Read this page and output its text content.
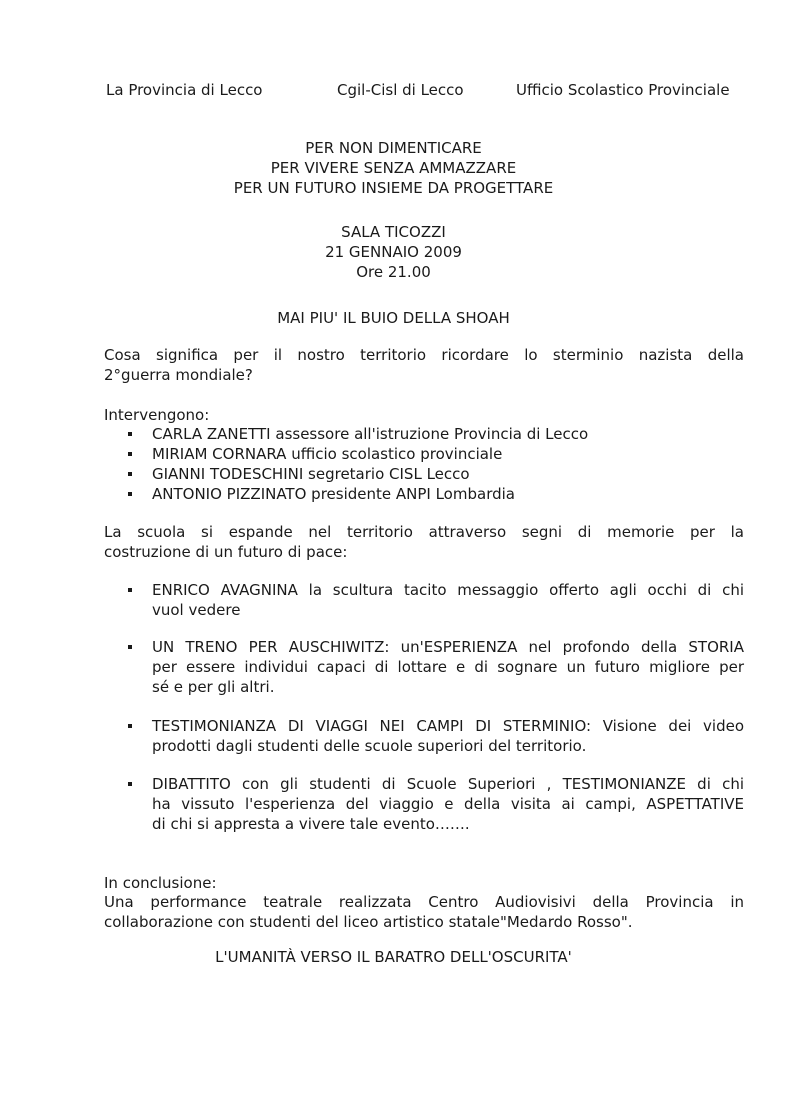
La Provincia di Lecco	Cgil-Cisl di Lecco	Ufficio Scolastico Provinciale
PER NON DIMENTICARE
PER VIVERE SENZA AMMAZZARE
PER UN FUTURO INSIEME DA PROGETTARE
SALA TICOZZI
21 GENNAIO 2009
Ore 21.00
MAI PIU' IL BUIO DELLA SHOAH
Cosa significa per il nostro territorio ricordare lo sterminio nazista della
2°guerra mondiale?
Intervengono:
CARLA ZANETTI assessore all'istruzione Provincia di Lecco
MIRIAM CORNARA ufficio scolastico provinciale
GIANNI TODESCHINI segretario CISL Lecco
ANTONIO PIZZINATO presidente ANPI Lombardia
La scuola si espande nel territorio attraverso segni di memorie per la
costruzione di un futuro di pace:
ENRICO AVAGNINA la scultura tacito messaggio offerto agli occhi di chi
vuol vedere
UN TRENO PER AUSCHIWITZ: un'ESPERIENZA nel profondo della STORIA
per essere individui capaci di lottare e di sognare un futuro migliore per
sé e per gli altri.
TESTIMONIANZA DI VIAGGI NEI CAMPI DI STERMINIO: Visione dei video
prodotti dagli studenti delle scuole superiori del territorio.
DIBATTITO con gli studenti di Scuole Superiori , TESTIMONIANZE di chi
ha vissuto l'esperienza del viaggio e della visita ai campi, ASPETTATIVE
di chi si appresta a vivere tale evento…….
In conclusione:
Una performance teatrale realizzata Centro Audiovisivi della Provincia in
collaborazione con studenti del liceo artistico statale"Medardo Rosso".
L'UMANITÀ VERSO IL BARATRO DELL'OSCURITA'
